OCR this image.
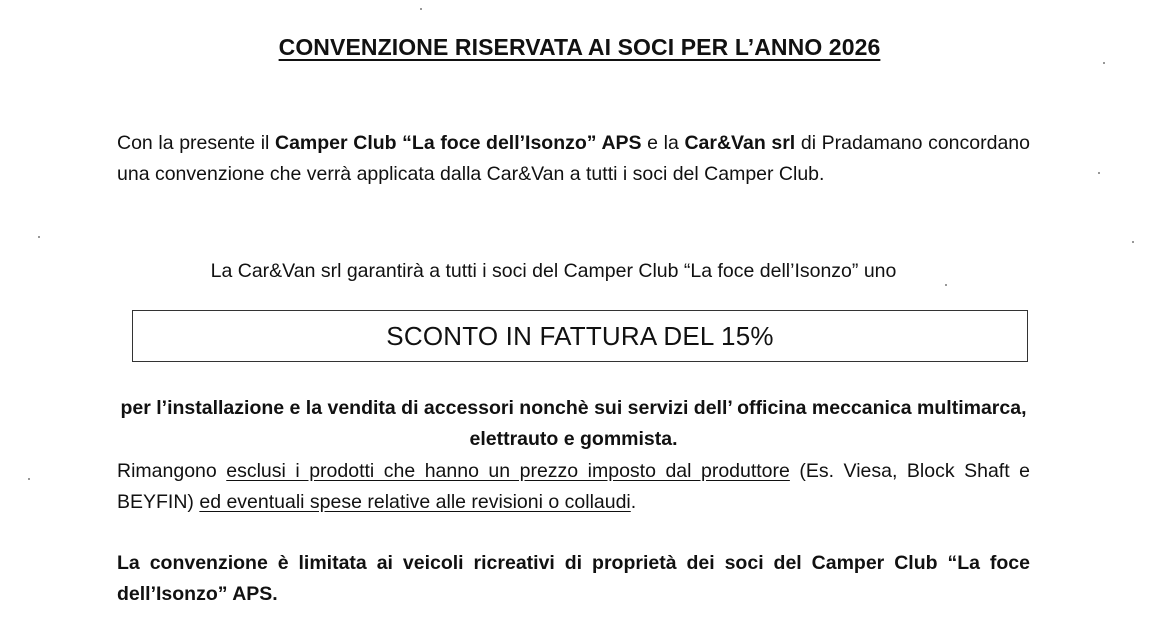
CONVENZIONE RISERVATA AI SOCI PER L’ANNO 2026
Con la presente il Camper Club “La foce dell’Isonzo” APS e la Car&Van srl di Pradamano concordano una convenzione che verrà applicata dalla Car&Van a tutti i soci del Camper Club.
La Car&Van srl garantirà a tutti i soci del Camper Club “La foce dell’Isonzo” uno
SCONTO IN FATTURA DEL 15%
per l’installazione e la vendita di accessori nonchè sui servizi dell’ officina meccanica multimarca, elettrauto e gommista.
Rimangono esclusi i prodotti che hanno un prezzo imposto dal produttore (Es. Viesa, Block Shaft e BEYFIN) ed eventuali spese relative alle revisioni o collaudi.
La convenzione è limitata ai veicoli ricreativi di proprietà dei soci del Camper Club “La foce dell’Isonzo” APS.
